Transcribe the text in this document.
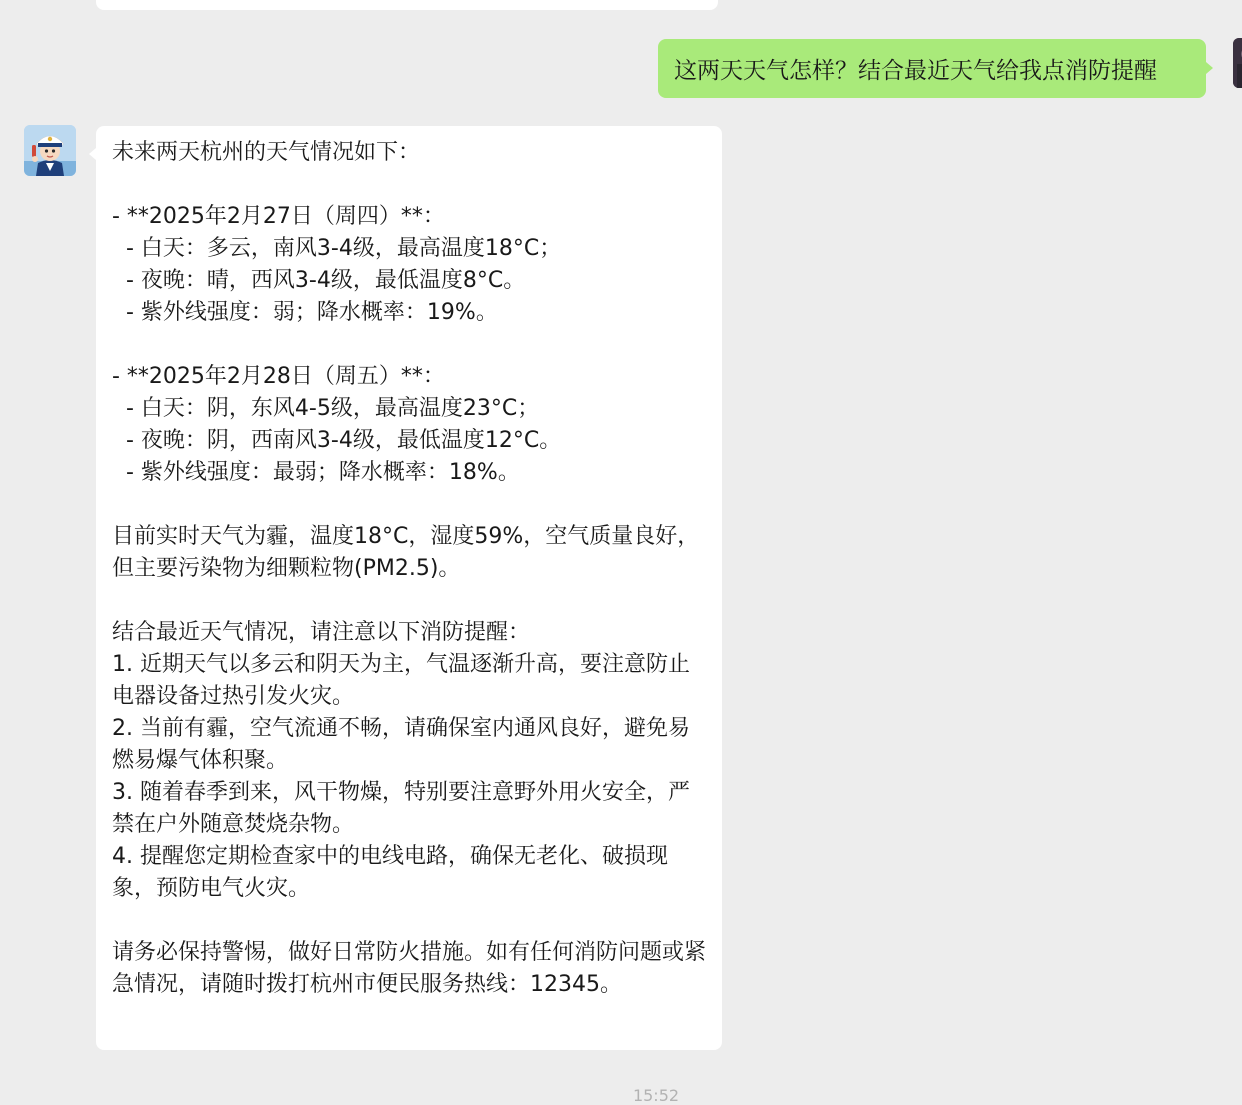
这两天天气怎样？结合最近天气给我点消防提醒

未来两天杭州的天气情况如下：

- **2025年2月27日（周四）**：
- 白天：多云，南风3-4级，最高温度18°C；
- 夜晚：晴，西风3-4级，最低温度8°C。
- 紫外线强度：弱；降水概率：19%。

- **2025年2月28日（周五）**：
- 白天：阴，东风4-5级，最高温度23°C；
- 夜晚：阴，西南风3-4级，最低温度12°C。
- 紫外线强度：最弱；降水概率：18%。

目前实时天气为霾，温度18°C，湿度59%，空气质量良好，但主要污染物为细颗粒物(PM2.5)。

结合最近天气情况，请注意以下消防提醒：
1. 近期天气以多云和阴天为主，气温逐渐升高，要注意防止电器设备过热引发火灾。
2. 当前有霾，空气流通不畅，请确保室内通风良好，避免易燃易爆气体积聚。
3. 随着春季到来，风干物燥，特别要注意野外用火安全，严禁在户外随意焚烧杂物。
4. 提醒您定期检查家中的电线电路，确保无老化、破损现象，预防电气火灾。

请务必保持警惕，做好日常防火措施。如有任何消防问题或紧急情况，请随时拨打杭州市便民服务热线：12345。

15:52
